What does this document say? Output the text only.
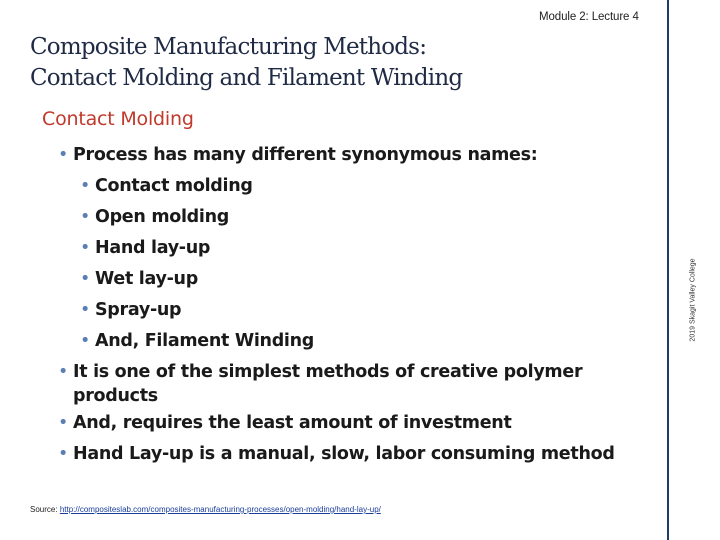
Module 2: Lecture 4
Composite Manufacturing Methods:
Contact Molding and Filament Winding
2019 Skagit Valley College
Contact Molding
• Process has many different synonymous names:
• Contact molding
• Open molding
• Hand lay-up
• Wet lay-up
• Spray-up
• And, Filament Winding
• It is one of the simplest methods of creative polymer
products
• And, requires the least amount of investment
• Hand Lay-up is a manual, slow, labor consuming method
Source: http://compositeslab.com/composites-manufacturing-processes/open-molding/hand-lay-up/
